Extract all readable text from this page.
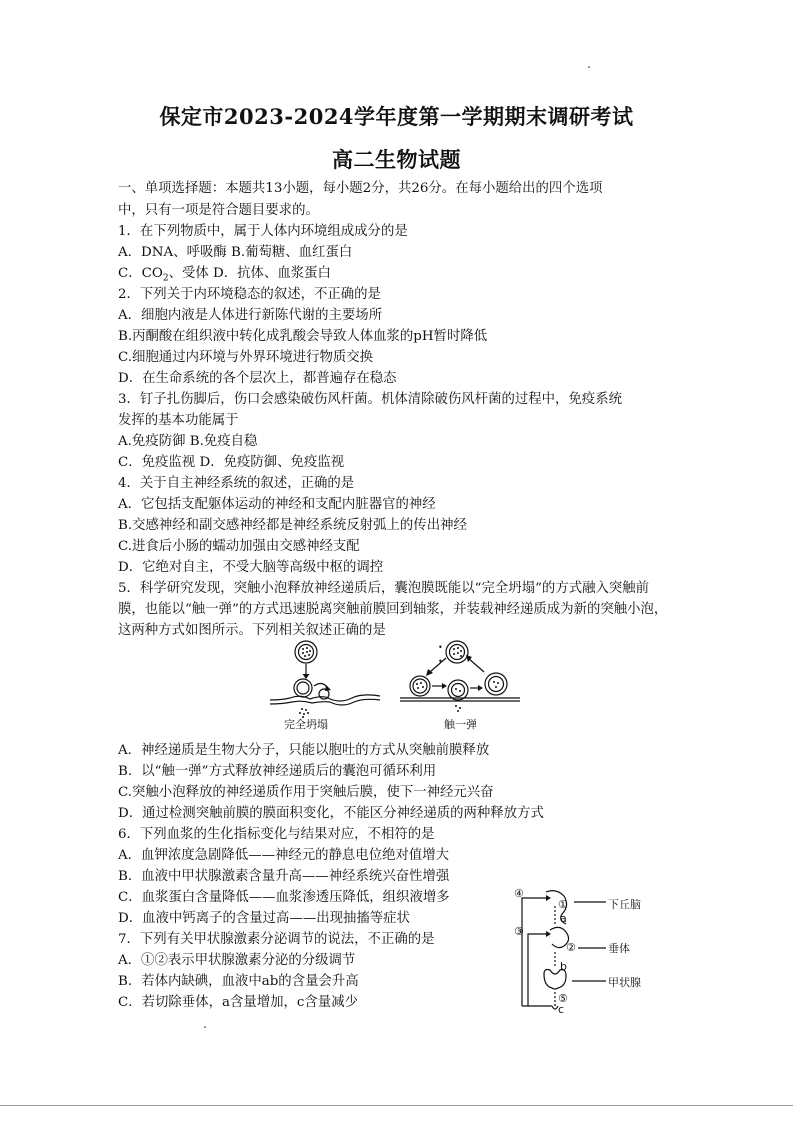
保定市2023-2024学年度第一学期期末调研考试
高二生物试题
一、单项选择题：本题共13小题，每小题2分，共26分。在每小题给出的四个选项
中，只有一项是符合题目要求的。
1．在下列物质中，属于人体内环境组成成分的是
A．DNA、呼吸酶 B.葡萄糖、血红蛋白
C．$CO_2$、受体 D．抗体、血浆蛋白
2．下列关于内环境稳态的叙述，不正确的是
A．细胞内液是人体进行新陈代谢的主要场所
B.丙酮酸在组织液中转化成乳酸会导致人体血浆的pH暂时降低
C.细胞通过内环境与外界环境进行物质交换
D．在生命系统的各个层次上，都普遍存在稳态
3．钉子扎伤脚后，伤口会感染破伤风杆菌。机体清除破伤风杆菌的过程中，免疫系统
发挥的基本功能属于
A.免疫防御 B.免疫自稳
C．免疫监视 D．免疫防御、免疫监视
4．关于自主神经系统的叙述，正确的是
A．它包括支配躯体运动的神经和支配内脏器官的神经
B.交感神经和副交感神经都是神经系统反射弧上的传出神经
C.进食后小肠的蠕动加强由交感神经支配
D．它绝对自主，不受大脑等高级中枢的调控
5．科学研究发现，突触小泡释放神经递质后，囊泡膜既能以“完全坍塌”的方式融入突触前
膜，也能以“触一弹”的方式迅速脱离突触前膜回到轴浆，并装载神经递质成为新的突触小泡，
这两种方式如图所示。下列相关叙述正确的是
•
•
完全坍塌	触一弹
A．神经递质是生物大分子，只能以胞吐的方式从突触前膜释放
B．以“触一弹”方式释放神经递质后的囊泡可循环利用
C.突触小泡释放的神经递质作用于突触后膜，使下一神经元兴奋
D．通过检测突触前膜的膜面积变化，不能区分神经递质的两种释放方式
6．下列血浆的生化指标变化与结果对应，不相符的是
A．血钾浓度急剧降低——神经元的静息电位绝对值增大
B．血液中甲状腺激素含量升高——神经系统兴奋性增强
C．血浆蛋白含量降低——血浆渗透压降低，组织液增多
D．血液中钙离子的含量过高——出现抽搐等症状
7．下列有关甲状腺激素分泌调节的说法，不正确的是
A．①②表示甲状腺激素分泌的分级调节
B．若体内缺碘，血液中ab的含量会升高
C．若切除垂体，a含量增加，c含量减少
④
③
①
a
②
b
⑤
c
下丘脑
垂体
甲状腺
